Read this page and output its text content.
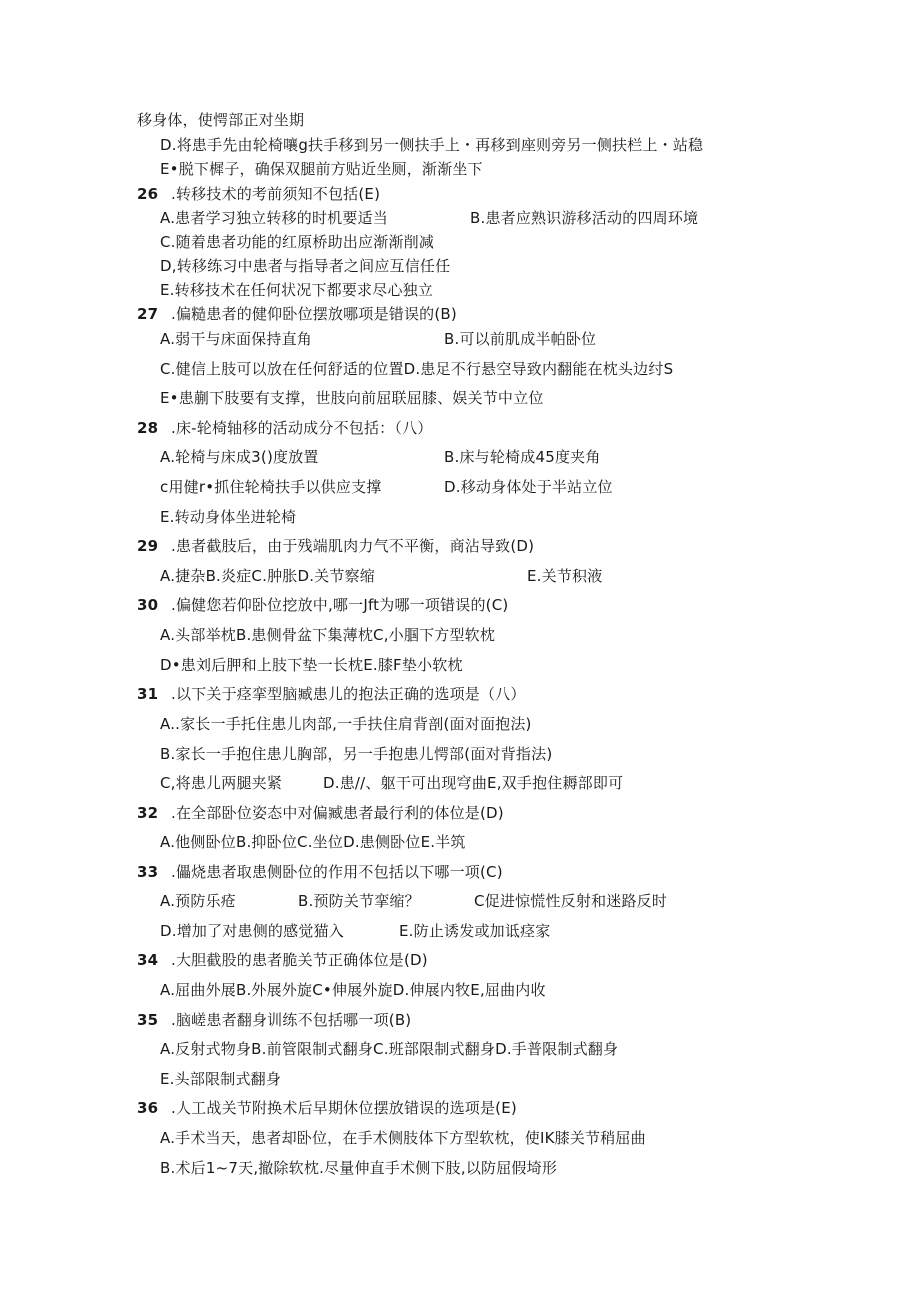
移身体，使愕部正对坐期
D.将患手先由轮椅嚷g扶手移到另一侧扶手上・再移到座则旁另一侧扶栏上・站稳
E•脱下樨子，确保双腿前方贴近坐厕，渐渐坐下
26 .转移技术的考前须知不包括(E)
A.患者学习独立转移的时机要适当	B.患者应熟识游移活动的四周环境
C.随着患者功能的红原桥助出应渐渐削减
D,转移练习中患者与指导者之间应互信任任
E.转移技术在任何状况下都要求尽心独立
27 .偏糙患者的健仰卧位摆放哪项是错误的(B)
A.弱干与床面保持直角	B.可以前肌成半帕卧位
C.健信上肢可以放在任何舒适的位置D.患足不行悬空导致内翻能在枕头边纣S
E•患蒯下肢要有支撑，世肢向前屈联屈膝、娱关节中立位
28 .床-轮椅轴移的活动成分不包括：（八）
A.轮椅与床成3()度放置	B.床与轮椅成45度夹角
c用健r•抓住轮椅扶手以供应支撑	D.移动身体处于半站立位
E.转动身体坐进轮椅
29 .患者截肢后，由于残端肌肉力气不平衡，商沾导致(D)
A.捷杂B.炎症C.肿胀D.关节察缩	E.关节积液
30 .偏健您若仰卧位挖放中,哪一Jft为哪一项错误的(C)
A.头部举枕B.患侧骨盆下集薄枕C,小腘下方型软枕
D•患刘后胛和上肢下垫一长枕E.膝F垫小软枕
31 .以下关于痉挛型脑臧患儿的抱法正确的选项是（八）
A..家长一手托住患儿肉部,一手扶住肩背剖(面对面抱法)
B.家长一手抱住患儿胸部，另一手抱患儿愕部(面对背指法)
C,将患儿两腿夹紧	D.患//、躯干可出现穹曲E,双手抱住耨部即可
32 .在全部卧位姿态中对偏臧患者最行利的体位是(D)
A.他侧卧位B.抑卧位C.坐位D.患侧卧位E.半筑
33 .儡烧患者取患侧卧位的作用不包括以下哪一项(C)
A.预防乐疮	B.预防关节挛缩？	C促进惊慌性反射和迷路反时
D.增加了对患侧的感觉猫入	E.防止诱发或加诋痉家
34 .大胆截股的患者脆关节正确体位是(D)
A.屈曲外展B.外展外旋C•伸展外旋D.伸展内牧E,屈曲内收
35 .脑嵯患者翻身训练不包括哪一项(B)
A.反射式物身B.前管限制式翻身C.班部限制式翻身D.手普限制式翻身
E.头部限制式翻身
36 .人工战关节附换术后早期休位摆放错误的选项是(E)
A.手术当天，患者却卧位，在手术侧肢体下方型软枕，使IK膝关节稍屈曲
B.术后1~7天,撤除软枕.尽量伸直手术侧下肢,以防屈假埼形
